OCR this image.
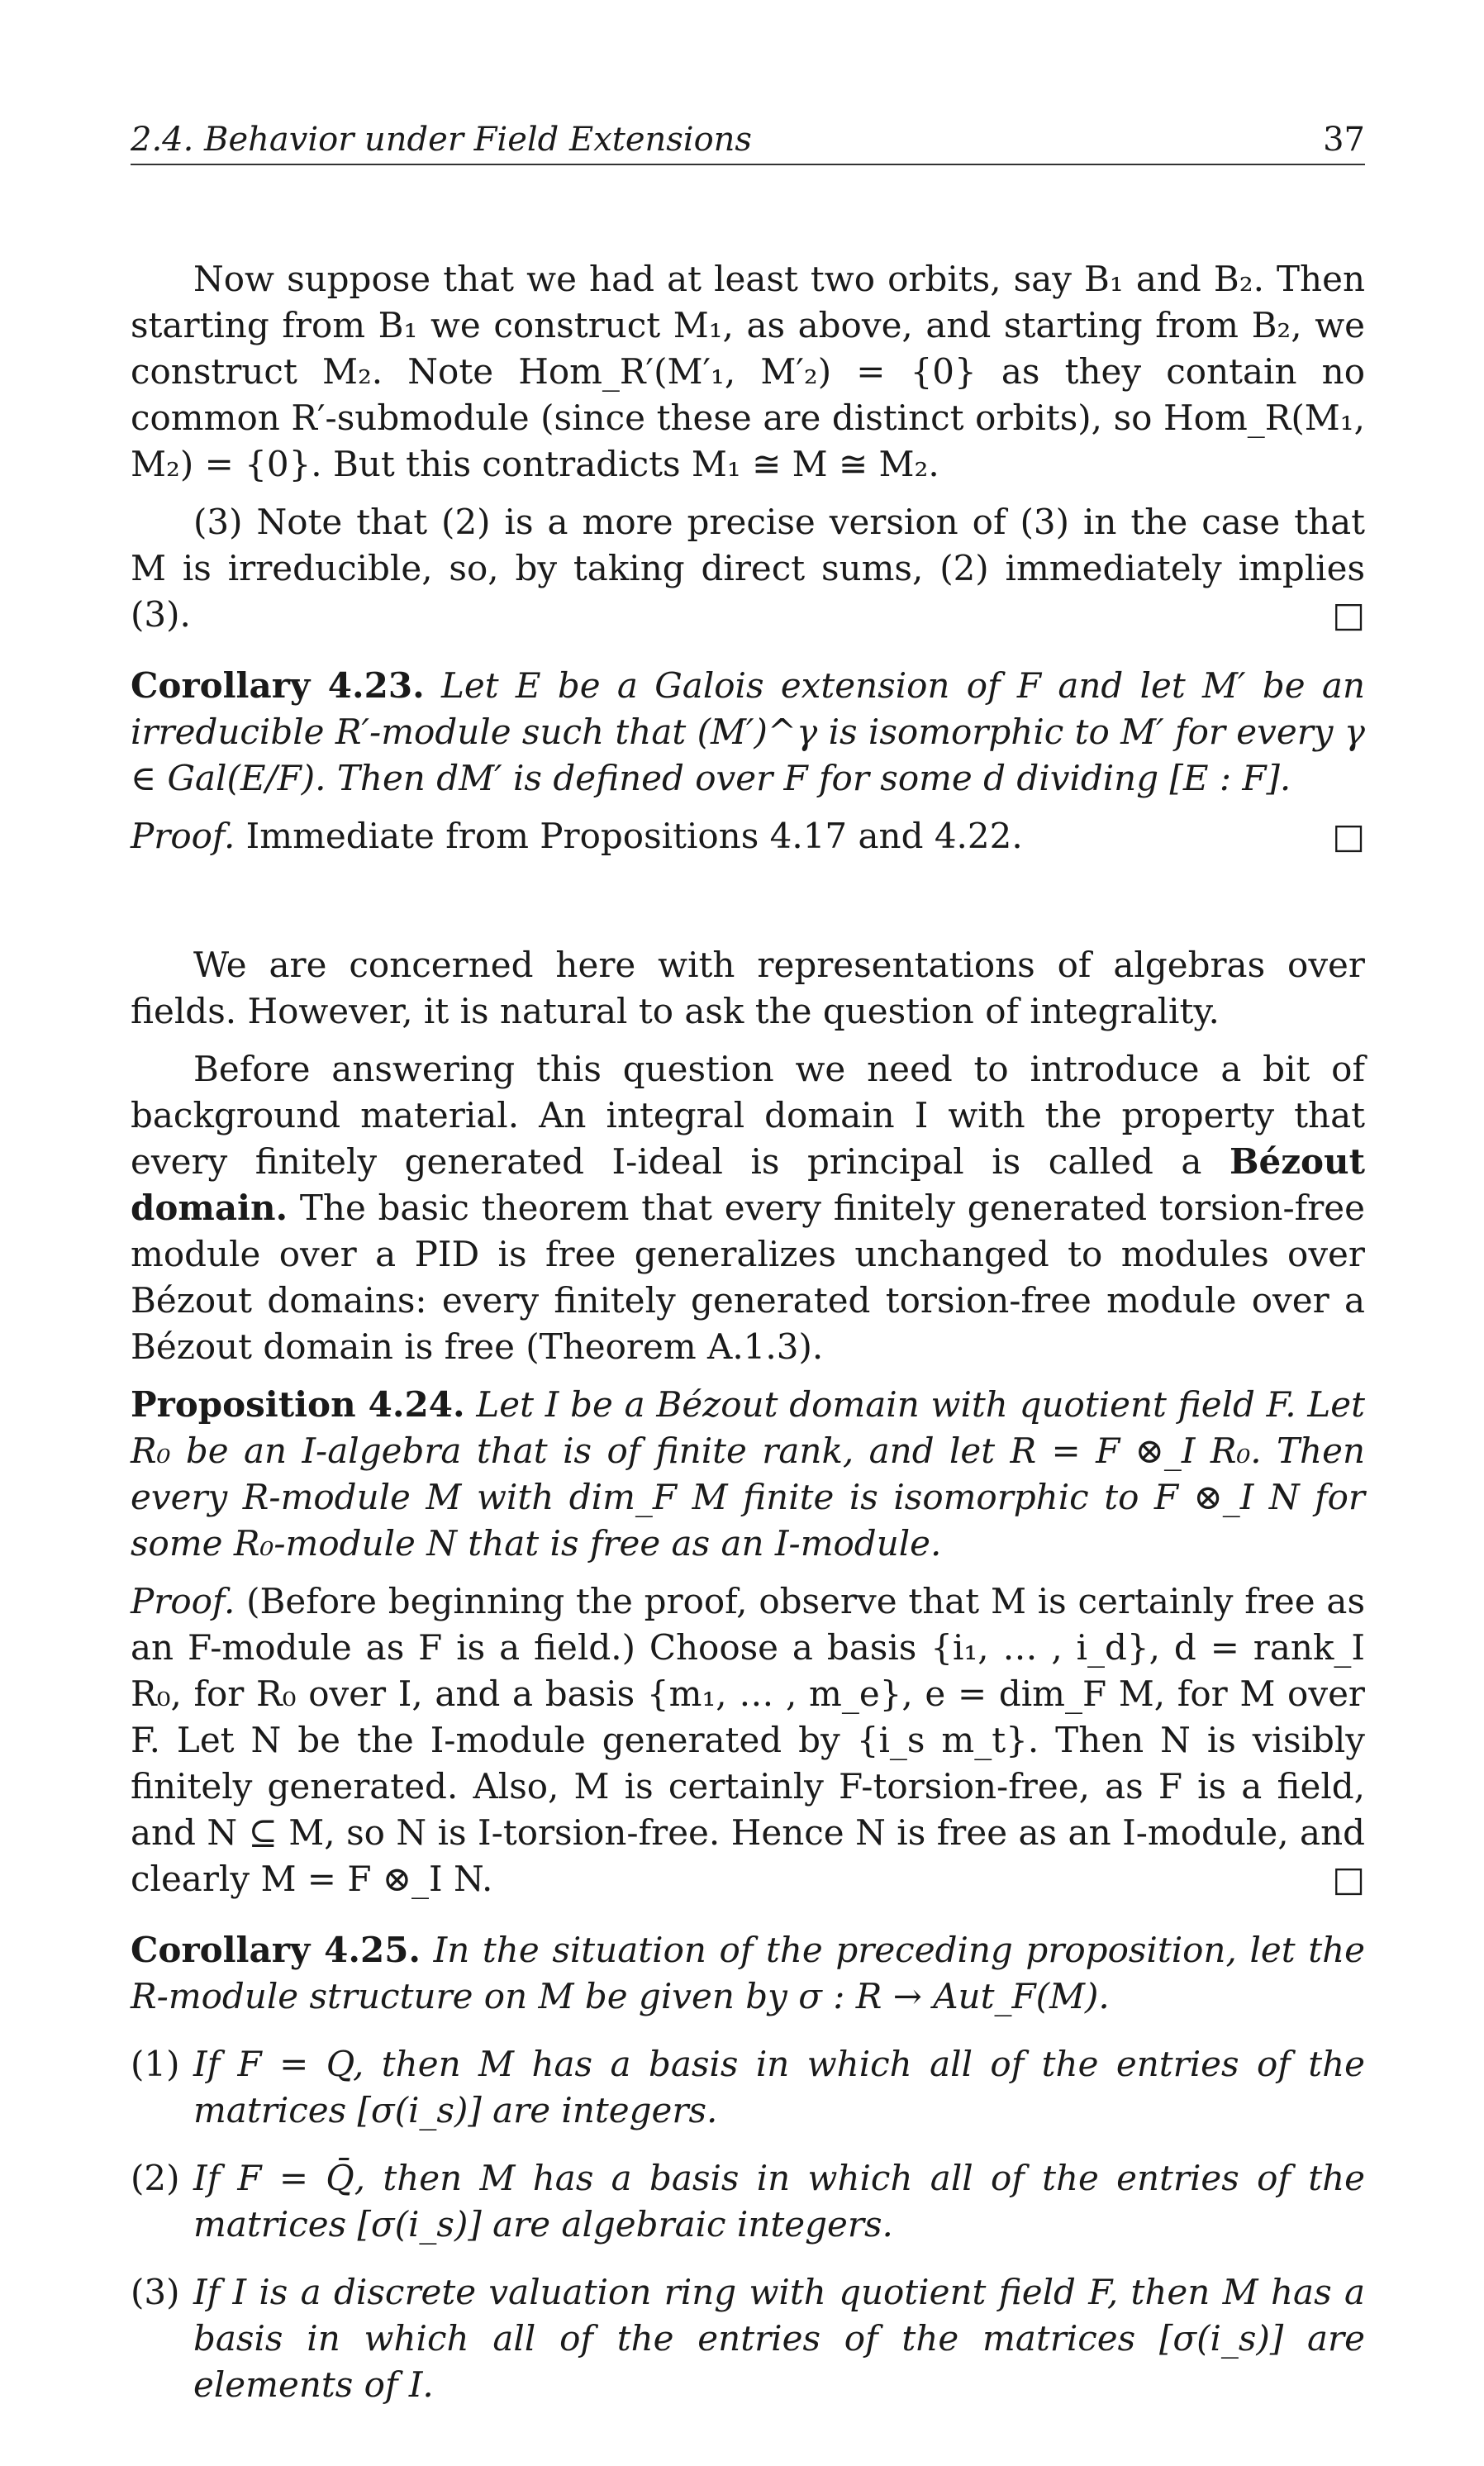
2.4. Behavior under Field Extensions	37

Now suppose that we had at least two orbits, say B₁ and B₂. Then starting from B₁ we construct M₁, as above, and starting from B₂, we construct M₂. Note Hom_R′(M′₁, M′₂) = {0} as they contain no common R′-submodule (since these are distinct orbits), so Hom_R(M₁, M₂) = {0}. But this contradicts M₁ ≅ M ≅ M₂.

(3) Note that (2) is a more precise version of (3) in the case that M is irreducible, so, by taking direct sums, (2) immediately implies (3).	□

Corollary 4.23. Let E be a Galois extension of F and let M′ be an irreducible R′-module such that (M′)^γ is isomorphic to M′ for every γ ∈ Gal(E/F). Then dM′ is defined over F for some d dividing [E : F].

Proof. Immediate from Propositions 4.17 and 4.22.	□

We are concerned here with representations of algebras over fields. However, it is natural to ask the question of integrality.

Before answering this question we need to introduce a bit of background material. An integral domain I with the property that every finitely generated I-ideal is principal is called a Bézout domain. The basic theorem that every finitely generated torsion-free module over a PID is free generalizes unchanged to modules over Bézout domains: every finitely generated torsion-free module over a Bézout domain is free (Theorem A.1.3).

Proposition 4.24. Let I be a Bézout domain with quotient field F. Let R₀ be an I-algebra that is of finite rank, and let R = F ⊗_I R₀. Then every R-module M with dim_F M finite is isomorphic to F ⊗_I N for some R₀-module N that is free as an I-module.

Proof. (Before beginning the proof, observe that M is certainly free as an F-module as F is a field.) Choose a basis {i₁, … , i_d}, d = rank_I R₀, for R₀ over I, and a basis {m₁, … , m_e}, e = dim_F M, for M over F. Let N be the I-module generated by {i_s m_t}. Then N is visibly finitely generated. Also, M is certainly F-torsion-free, as F is a field, and N ⊆ M, so N is I-torsion-free. Hence N is free as an I-module, and clearly M = F ⊗_I N.	□

Corollary 4.25. In the situation of the preceding proposition, let the R-module structure on M be given by σ : R → Aut_F(M).

(1) If F = Q, then M has a basis in which all of the entries of the matrices [σ(i_s)] are integers.
(2) If F = Q̄, then M has a basis in which all of the entries of the matrices [σ(i_s)] are algebraic integers.
(3) If I is a discrete valuation ring with quotient field F, then M has a basis in which all of the entries of the matrices [σ(i_s)] are elements of I.
